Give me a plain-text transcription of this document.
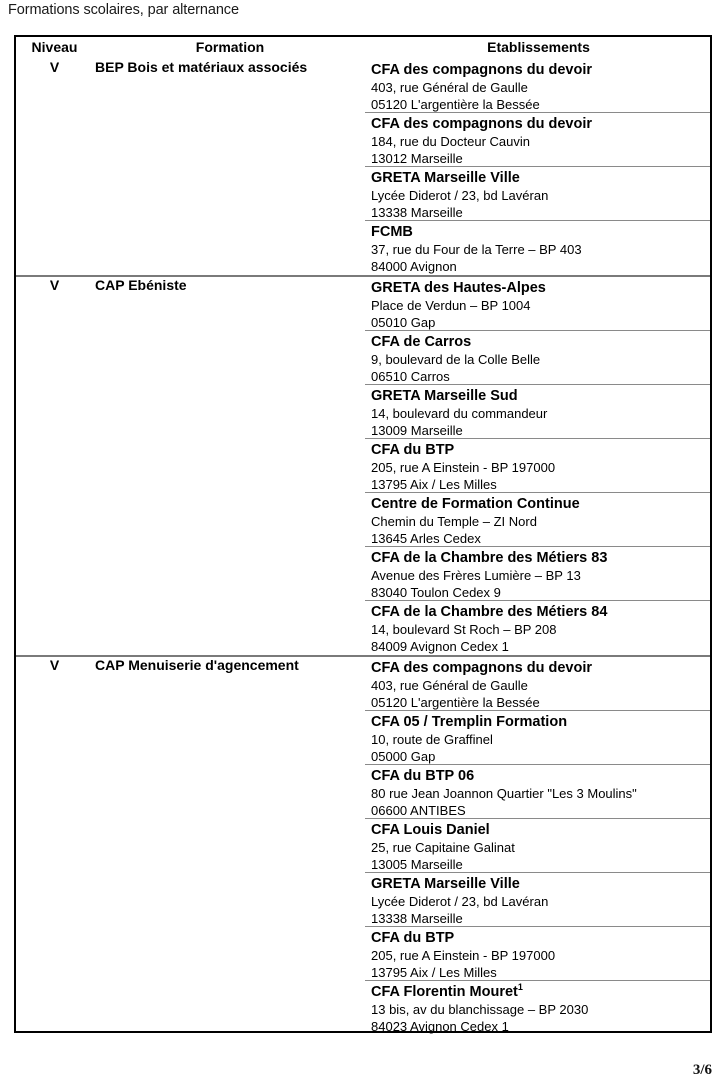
Formations scolaires, par alternance
Niveau	Formation	Etablissements
V	BEP Bois et matériaux associés	CFA des compagnons du devoir
403, rue Général de Gaulle
05120 L'argentière la Bessée
CFA des compagnons du devoir
184, rue du Docteur Cauvin
13012 Marseille
GRETA Marseille Ville
Lycée Diderot / 23, bd Lavéran
13338 Marseille
FCMB
37, rue du Four de la Terre – BP 403
84000 Avignon

V	CAP Ebéniste	GRETA des Hautes-Alpes
Place de Verdun – BP 1004
05010 Gap
CFA de Carros
9, boulevard de la Colle Belle
06510 Carros
GRETA Marseille Sud
14, boulevard du commandeur
13009 Marseille
CFA du BTP
205, rue A Einstein - BP 197000
13795 Aix / Les Milles
Centre de Formation Continue
Chemin du Temple – ZI Nord
13645 Arles Cedex
CFA de la Chambre des Métiers 83
Avenue des Frères Lumière – BP 13
83040 Toulon Cedex 9
CFA de la Chambre des Métiers 84
14, boulevard St Roch – BP 208
84009 Avignon Cedex 1

V	CAP Menuiserie d'agencement	CFA des compagnons du devoir
403, rue Général de Gaulle
05120 L'argentière la Bessée
CFA 05 / Tremplin Formation
10, route de Graffinel
05000 Gap
CFA du BTP 06
80 rue Jean Joannon Quartier "Les 3 Moulins"
06600 ANTIBES
CFA Louis Daniel
25, rue Capitaine Galinat
13005 Marseille
GRETA Marseille Ville
Lycée Diderot / 23, bd Lavéran
13338 Marseille
CFA du BTP
205, rue A Einstein - BP 197000
13795 Aix / Les Milles
CFA Florentin Mouret$^1$
13 bis, av du blanchissage – BP 2030
84023 Avignon Cedex 1
3/6
